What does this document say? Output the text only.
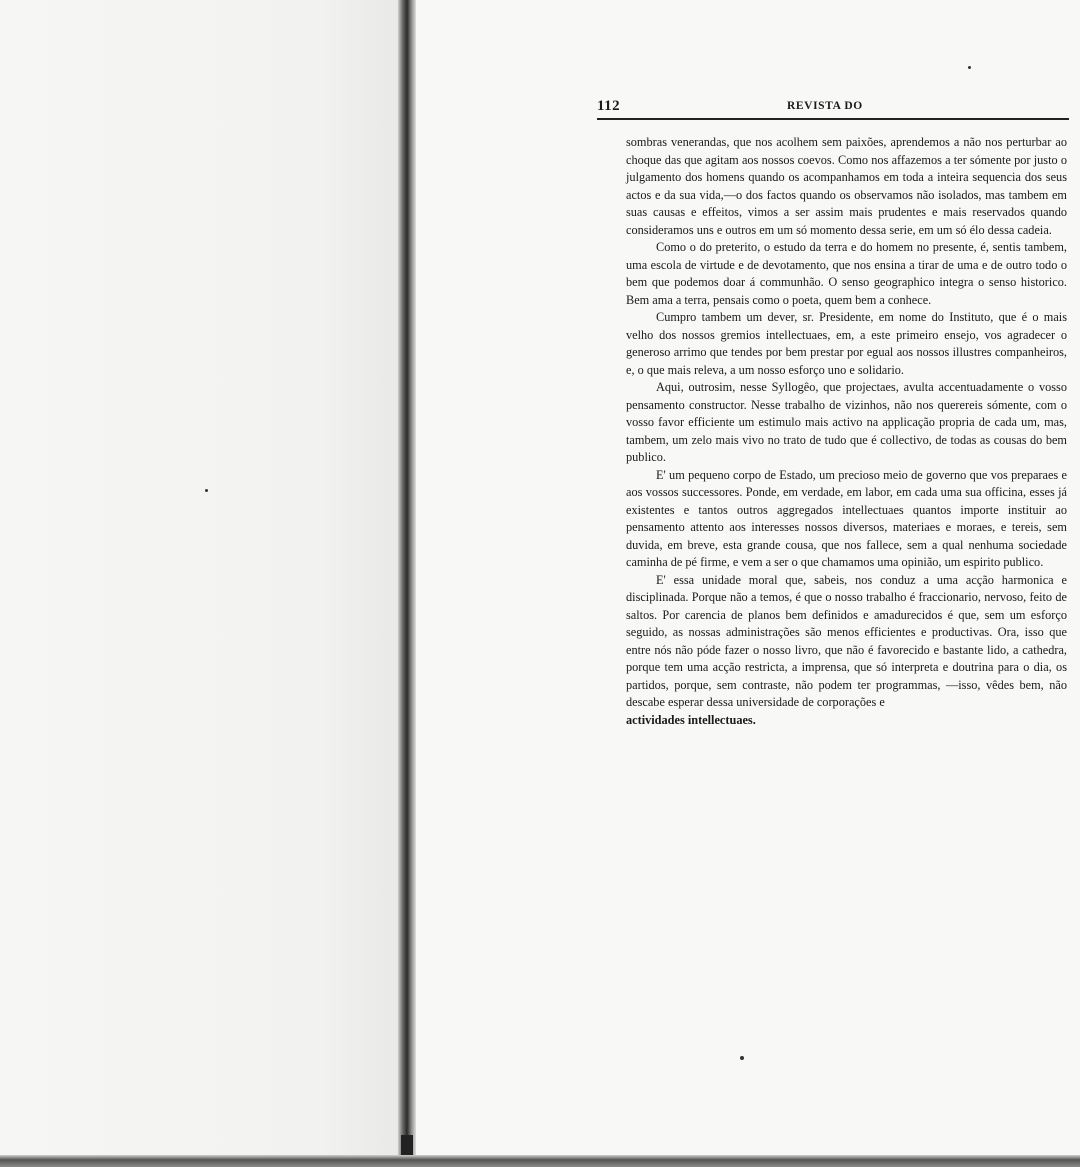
112	REVISTA DO

sombras venerandas, que nos acolhem sem paixões, aprendemos a não nos perturbar ao choque das que agitam aos nossos coevos. Como nos affazemos a ter sómente por justo o julgamento dos homens quando os acompanhamos em toda a inteira sequencia dos seus actos e da sua vida,—o dos factos quando os observamos não isolados, mas tambem em suas causas e effeitos, vimos a ser assim mais prudentes e mais reservados quando consideramos uns e outros em um só momento dessa serie, em um só élo dessa cadeia.

Como o do preterito, o estudo da terra e do homem no presente, é, sentis tambem, uma escola de virtude e de devotamento, que nos ensina a tirar de uma e de outro todo o bem que podemos doar á communhão. O senso geographico integra o senso historico. Bem ama a terra, pensais como o poeta, quem bem a conhece.

Cumpro tambem um dever, sr. Presidente, em nome do Instituto, que é o mais velho dos nossos gremios intellectuaes, em, a este primeiro ensejo, vos agradecer o generoso arrimo que tendes por bem prestar por egual aos nossos illustres companheiros, e, o que mais releva, a um nosso esforço uno e solidario.

Aqui, outrosim, nesse Syllogêo, que projectaes, avulta accentuadamente o vosso pensamento constructor. Nesse trabalho de vizinhos, não nos querereis sómente, com o vosso favor efficiente um estimulo mais activo na applicação propria de cada um, mas, tambem, um zelo mais vivo no trato de tudo que é collectivo, de todas as cousas do bem publico.

E' um pequeno corpo de Estado, um precioso meio de governo que vos preparaes e aos vossos successores. Ponde, em verdade, em labor, em cada uma sua officina, esses já existentes e tantos outros aggregados intellectuaes quantos importe instituir ao pensamento attento aos interesses nossos diversos, materiaes e moraes, e tereis, sem duvida, em breve, esta grande cousa, que nos fallece, sem a qual nenhuma sociedade caminha de pé firme, e vem a ser o que chamamos uma opinião, um espirito publico.

E' essa unidade moral que, sabeis, nos conduz a uma acção harmonica e disciplinada. Porque não a temos, é que o nosso trabalho é fraccionario, nervoso, feito de saltos. Por carencia de planos bem definidos e amadurecidos é que, sem um esforço seguido, as nossas administrações são menos efficientes e productivas. Ora, isso que entre nós não póde fazer o nosso livro, que não é favorecido e bastante lido, a cathedra, porque tem uma acção restricta, a imprensa, que só interpreta e doutrina para o dia, os partidos, porque, sem contraste, não podem ter programmas, —isso, vêdes bem, não descabe esperar dessa universidade de corporações e

actividades intellectuaes.
